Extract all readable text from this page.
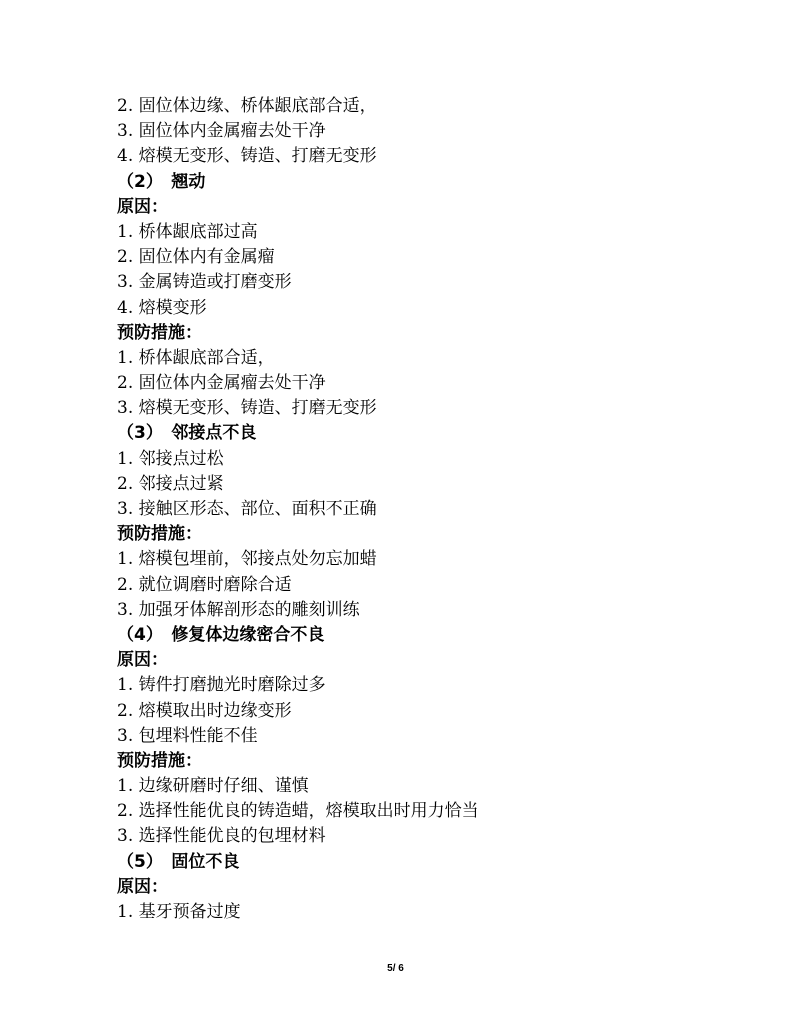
2. 固位体边缘、桥体龈底部合适，
3. 固位体内金属瘤去处干净
4. 熔模无变形、铸造、打磨无变形
（2）　翘动
原因：
1. 桥体龈底部过高
2. 固位体内有金属瘤
3. 金属铸造或打磨变形
4. 熔模变形
预防措施：
1. 桥体龈底部合适，
2. 固位体内金属瘤去处干净
3. 熔模无变形、铸造、打磨无变形
（3）　邻接点不良
1. 邻接点过松
2. 邻接点过紧
3. 接触区形态、部位、面积不正确
预防措施：
1. 熔模包埋前，邻接点处勿忘加蜡
2. 就位调磨时磨除合适
3. 加强牙体解剖形态的雕刻训练
（4）　修复体边缘密合不良
原因：
1. 铸件打磨抛光时磨除过多
2. 熔模取出时边缘变形
3. 包埋料性能不佳
预防措施：
1. 边缘研磨时仔细、谨慎
2. 选择性能优良的铸造蜡，熔模取出时用力恰当
3. 选择性能优良的包埋材料
（5）　固位不良
原因：
1. 基牙预备过度
5/ 6
